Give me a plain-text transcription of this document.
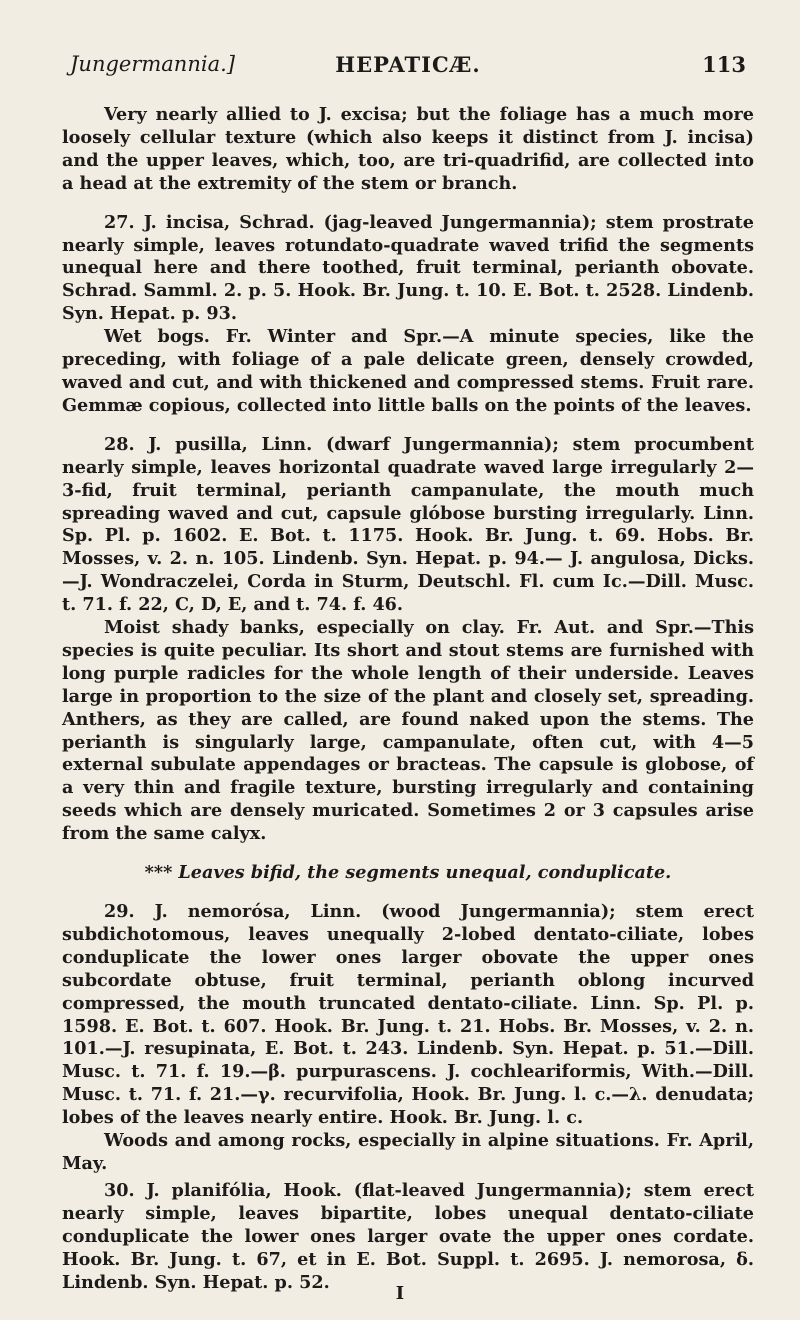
Jungermannia.]	HEPATICÆ.	113

Very nearly allied to J. excisa; but the foliage has a much more loosely cellular texture (which also keeps it distinct from J. incisa) and the upper leaves, which, too, are tri-quadrifid, are collected into a head at the extremity of the stem or branch.

27. J. incisa, Schrad. (jag-leaved Jungermannia); stem prostrate nearly simple, leaves rotundato-quadrate waved trifid the segments unequal here and there toothed, fruit terminal, perianth obovate. Schrad. Samml. 2. p. 5. Hook. Br. Jung. t. 10. E. Bot. t. 2528. Lindenb. Syn. Hepat. p. 93.

Wet bogs. Fr. Winter and Spr.—A minute species, like the preceding, with foliage of a pale delicate green, densely crowded, waved and cut, and with thickened and compressed stems. Fruit rare. Gemmæ copious, collected into little balls on the points of the leaves.

28. J. pusilla, Linn. (dwarf Jungermannia); stem procumbent nearly simple, leaves horizontal quadrate waved large irregularly 2—3-fid, fruit terminal, perianth campanulate, the mouth much spreading waved and cut, capsule glóbose bursting irregularly. Linn. Sp. Pl. p. 1602. E. Bot. t. 1175. Hook. Br. Jung. t. 69. Hobs. Br. Mosses, v. 2. n. 105. Lindenb. Syn. Hepat. p. 94.— J. angulosa, Dicks.—J. Wondraczelei, Corda in Sturm, Deutschl. Fl. cum Ic.—Dill. Musc. t. 71. f. 22, C, D, E, and t. 74. f. 46.

Moist shady banks, especially on clay. Fr. Aut. and Spr.—This species is quite peculiar. Its short and stout stems are furnished with long purple radicles for the whole length of their underside. Leaves large in proportion to the size of the plant and closely set, spreading. Anthers, as they are called, are found naked upon the stems. The perianth is singularly large, campanulate, often cut, with 4—5 external subulate appendages or bracteas. The capsule is globose, of a very thin and fragile texture, bursting irregularly and containing seeds which are densely muricated. Sometimes 2 or 3 capsules arise from the same calyx.

*** Leaves bifid, the segments unequal, conduplicate.

29. J. nemorósa, Linn. (wood Jungermannia); stem erect subdichotomous, leaves unequally 2-lobed dentato-ciliate, lobes conduplicate the lower ones larger obovate the upper ones subcordate obtuse, fruit terminal, perianth oblong incurved compressed, the mouth truncated dentato-ciliate. Linn. Sp. Pl. p. 1598. E. Bot. t. 607. Hook. Br. Jung. t. 21. Hobs. Br. Mosses, v. 2. n. 101.—J. resupinata, E. Bot. t. 243. Lindenb. Syn. Hepat. p. 51.—Dill. Musc. t. 71. f. 19.—β. purpurascens. J. cochleariformis, With.—Dill. Musc. t. 71. f. 21.—γ. recurvifolia, Hook. Br. Jung. l. c.—λ. denudata; lobes of the leaves nearly entire. Hook. Br. Jung. l. c.

Woods and among rocks, especially in alpine situations. Fr. April, May.

30. J. planifólia, Hook. (flat-leaved Jungermannia); stem erect nearly simple, leaves bipartite, lobes unequal dentato-ciliate conduplicate the lower ones larger ovate the upper ones cordate. Hook. Br. Jung. t. 67, et in E. Bot. Suppl. t. 2695. J. nemorosa, δ. Lindenb. Syn. Hepat. p. 52.

I
